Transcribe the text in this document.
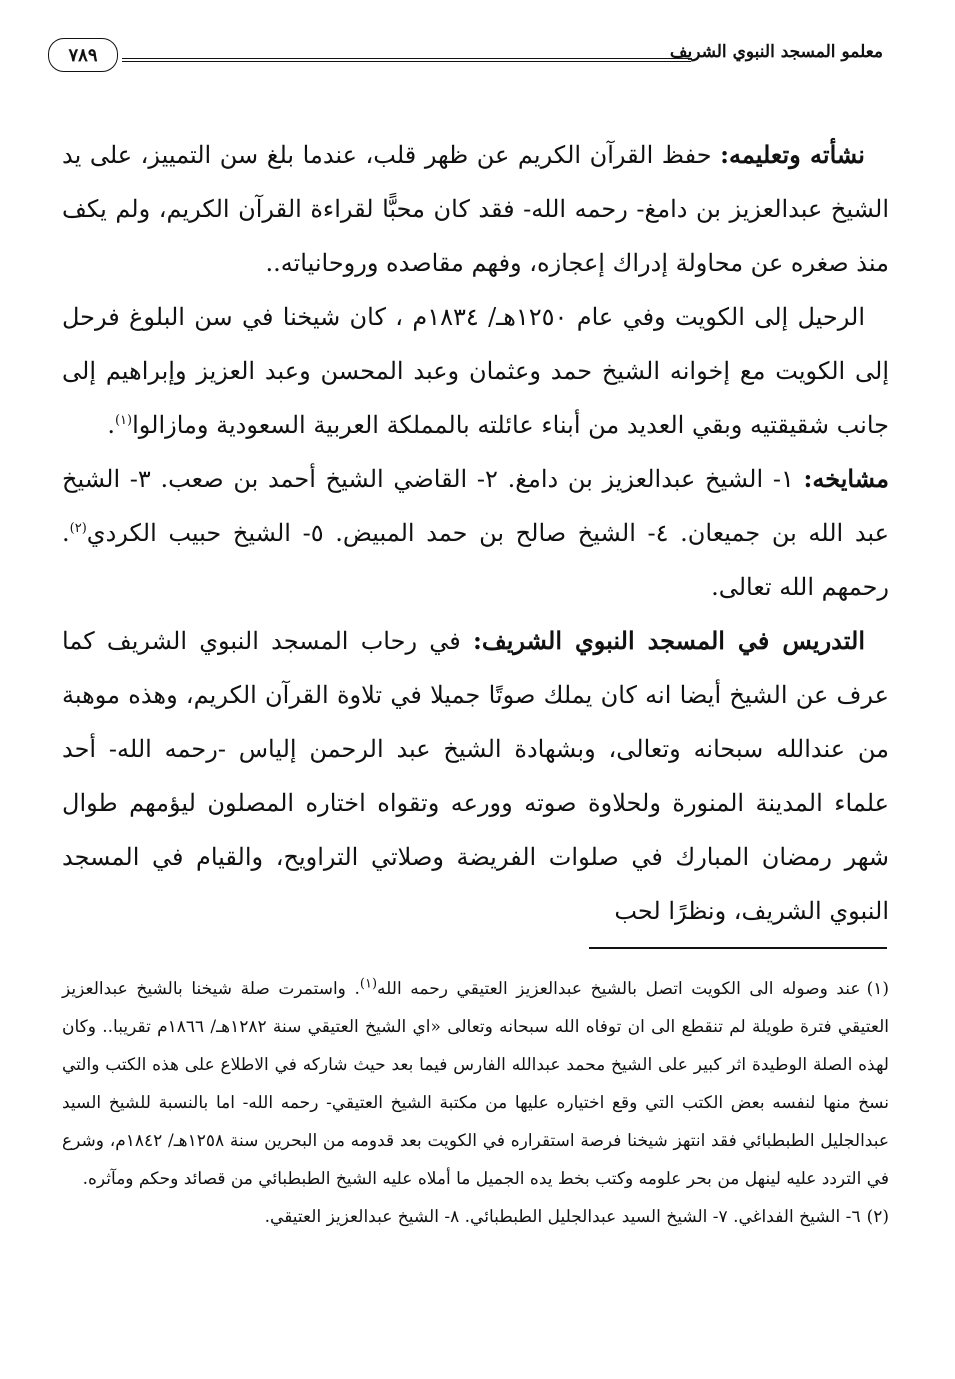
معلمو المسجد النبوي الشريف
٧٨٩

نشأته وتعليمه: حفظ القرآن الكريم عن ظهر قلب، عندما بلغ سن التمييز، على يد الشيخ عبدالعزيز بن دامغ- رحمه الله- فقد كان محبًّا لقراءة القرآن الكريم، ولم يكف منذ صغره عن محاولة إدراك إعجازه، وفهم مقاصده وروحانياته..

الرحيل إلى الكويت وفي عام ١٢٥٠هـ/ ١٨٣٤م ، كان شيخنا في سن البلوغ فرحل إلى الكويت مع إخوانه الشيخ حمد وعثمان وعبد المحسن وعبد العزيز وإبراهيم إلى جانب شقيقتيه وبقي العديد من أبناء عائلته بالمملكة العربية السعودية ومازالوا$^{(١)}$.

مشايخه: ١- الشيخ عبدالعزيز بن دامغ. ٢- القاضي الشيخ أحمد بن صعب. ٣- الشيخ عبد الله بن جميعان. ٤- الشيخ صالح بن حمد المبيض. ٥- الشيخ حبيب الكردي$^{(٢)}$. رحمهم الله تعالى.

التدريس في المسجد النبوي الشريف: في رحاب المسجد النبوي الشريف كما عرف عن الشيخ أيضا انه كان يملك صوتًا جميلا في تلاوة القرآن الكريم، وهذه موهبة من عندالله سبحانه وتعالى، وبشهادة الشيخ عبد الرحمن إلياس -رحمه الله- أحد علماء المدينة المنورة ولحلاوة صوته وورعه وتقواه اختاره المصلون ليؤمهم طوال شهر رمضان المبارك في صلوات الفريضة وصلاتي التراويح، والقيام في المسجد النبوي الشريف، ونظرًا لحب

(١)عند وصوله الى الكويت اتصل بالشيخ عبدالعزيز العتيقي رحمه الله$^{(١)}$. واستمرت صلة شيخنا بالشيخ عبدالعزيز العتيقي فترة طويلة لم تنقطع الى ان توفاه الله سبحانه وتعالى «اي الشيخ العتيقي سنة ١٢٨٢هـ/ ١٨٦٦م تقريبا.. وكان لهذه الصلة الوطيدة اثر كبير على الشيخ محمد عبدالله الفارس فيما بعد حيث شاركه في الاطلاع على هذه الكتب والتي نسخ منها لنفسه بعض الكتب التي وقع اختياره عليها من مكتبة الشيخ العتيقي- رحمه الله- اما بالنسبة للشيخ السيد عبدالجليل الطبطبائي فقد انتهز شيخنا فرصة استقراره في الكويت بعد قدومه من البحرين سنة ١٢٥٨هـ/ ١٨٤٢م، وشرع في التردد عليه لينهل من بحر علومه وكتب بخط يده الجميل ما أملاه عليه الشيخ الطبطبائي من قصائد وحكم ومآثره.

(٢)٦- الشيخ الفداغي. ٧- الشيخ السيد عبدالجليل الطبطبائي. ٨- الشيخ عبدالعزيز العتيقي.
